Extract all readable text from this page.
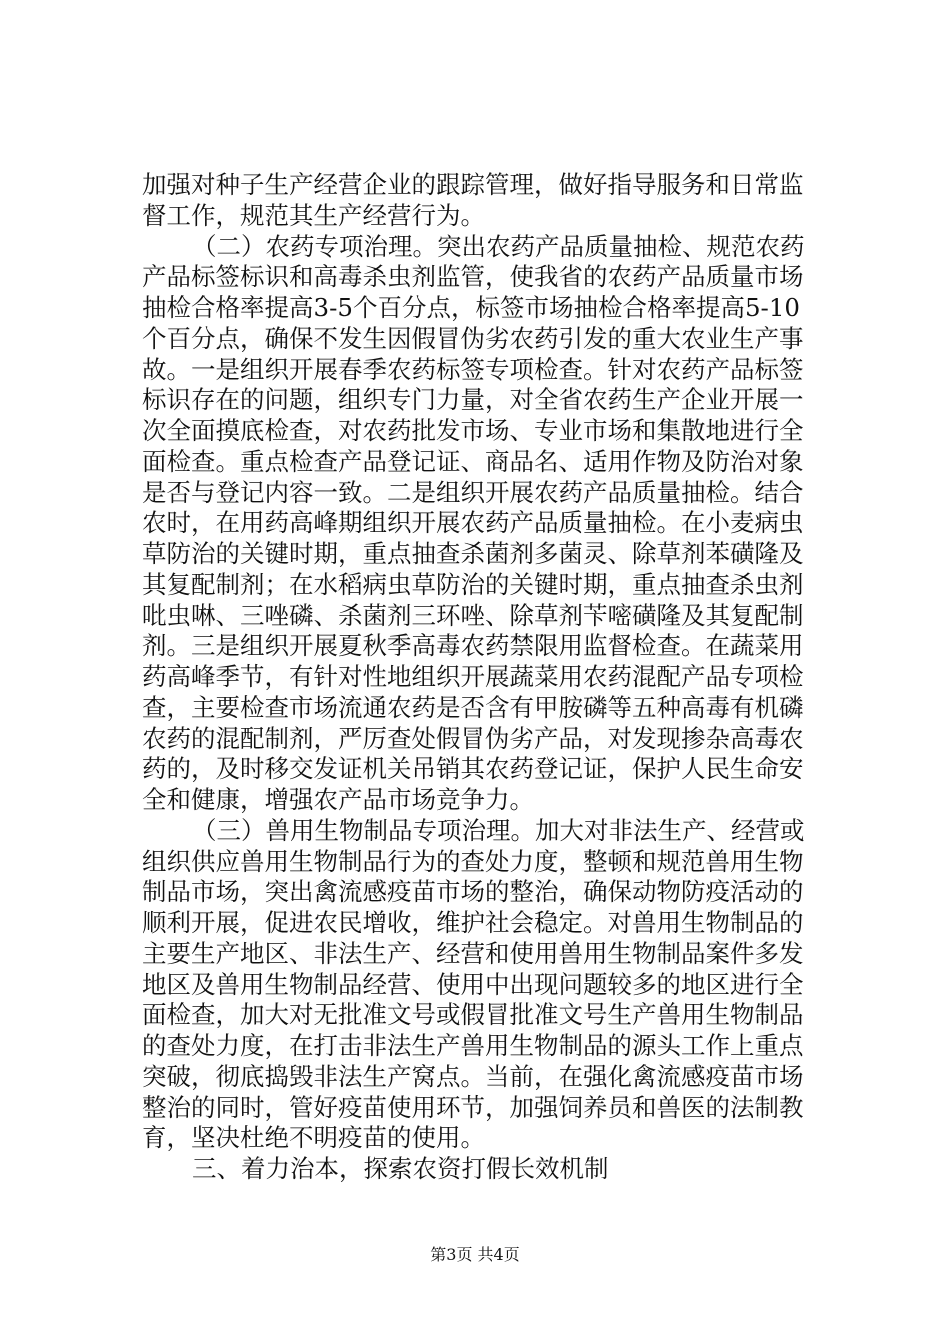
加强对种子生产经营企业的跟踪管理，做好指导服务和日常监
督工作，规范其生产经营行为。
（二）农药专项治理。突出农药产品质量抽检、规范农药
产品标签标识和高毒杀虫剂监管，使我省的农药产品质量市场
抽检合格率提高3-5个百分点，标签市场抽检合格率提高5-10
个百分点，确保不发生因假冒伪劣农药引发的重大农业生产事
故。一是组织开展春季农药标签专项检查。针对农药产品标签
标识存在的问题，组织专门力量，对全省农药生产企业开展一
次全面摸底检查，对农药批发市场、专业市场和集散地进行全
面检查。重点检查产品登记证、商品名、适用作物及防治对象
是否与登记内容一致。二是组织开展农药产品质量抽检。结合
农时，在用药高峰期组织开展农药产品质量抽检。在小麦病虫
草防治的关键时期，重点抽查杀菌剂多菌灵、除草剂苯磺隆及
其复配制剂；在水稻病虫草防治的关键时期，重点抽查杀虫剂
吡虫啉、三唑磷、杀菌剂三环唑、除草剂苄嘧磺隆及其复配制
剂。三是组织开展夏秋季高毒农药禁限用监督检查。在蔬菜用
药高峰季节，有针对性地组织开展蔬菜用农药混配产品专项检
查，主要检查市场流通农药是否含有甲胺磷等五种高毒有机磷
农药的混配制剂，严厉查处假冒伪劣产品，对发现掺杂高毒农
药的，及时移交发证机关吊销其农药登记证，保护人民生命安
全和健康，增强农产品市场竞争力。
（三）兽用生物制品专项治理。加大对非法生产、经营或
组织供应兽用生物制品行为的查处力度，整顿和规范兽用生物
制品市场，突出禽流感疫苗市场的整治，确保动物防疫活动的
顺利开展，促进农民增收，维护社会稳定。对兽用生物制品的
主要生产地区、非法生产、经营和使用兽用生物制品案件多发
地区及兽用生物制品经营、使用中出现问题较多的地区进行全
面检查，加大对无批准文号或假冒批准文号生产兽用生物制品
的查处力度，在打击非法生产兽用生物制品的源头工作上重点
突破，彻底捣毁非法生产窝点。当前，在强化禽流感疫苗市场
整治的同时，管好疫苗使用环节，加强饲养员和兽医的法制教
育，坚决杜绝不明疫苗的使用。
三、着力治本，探索农资打假长效机制
第3页 共4页
